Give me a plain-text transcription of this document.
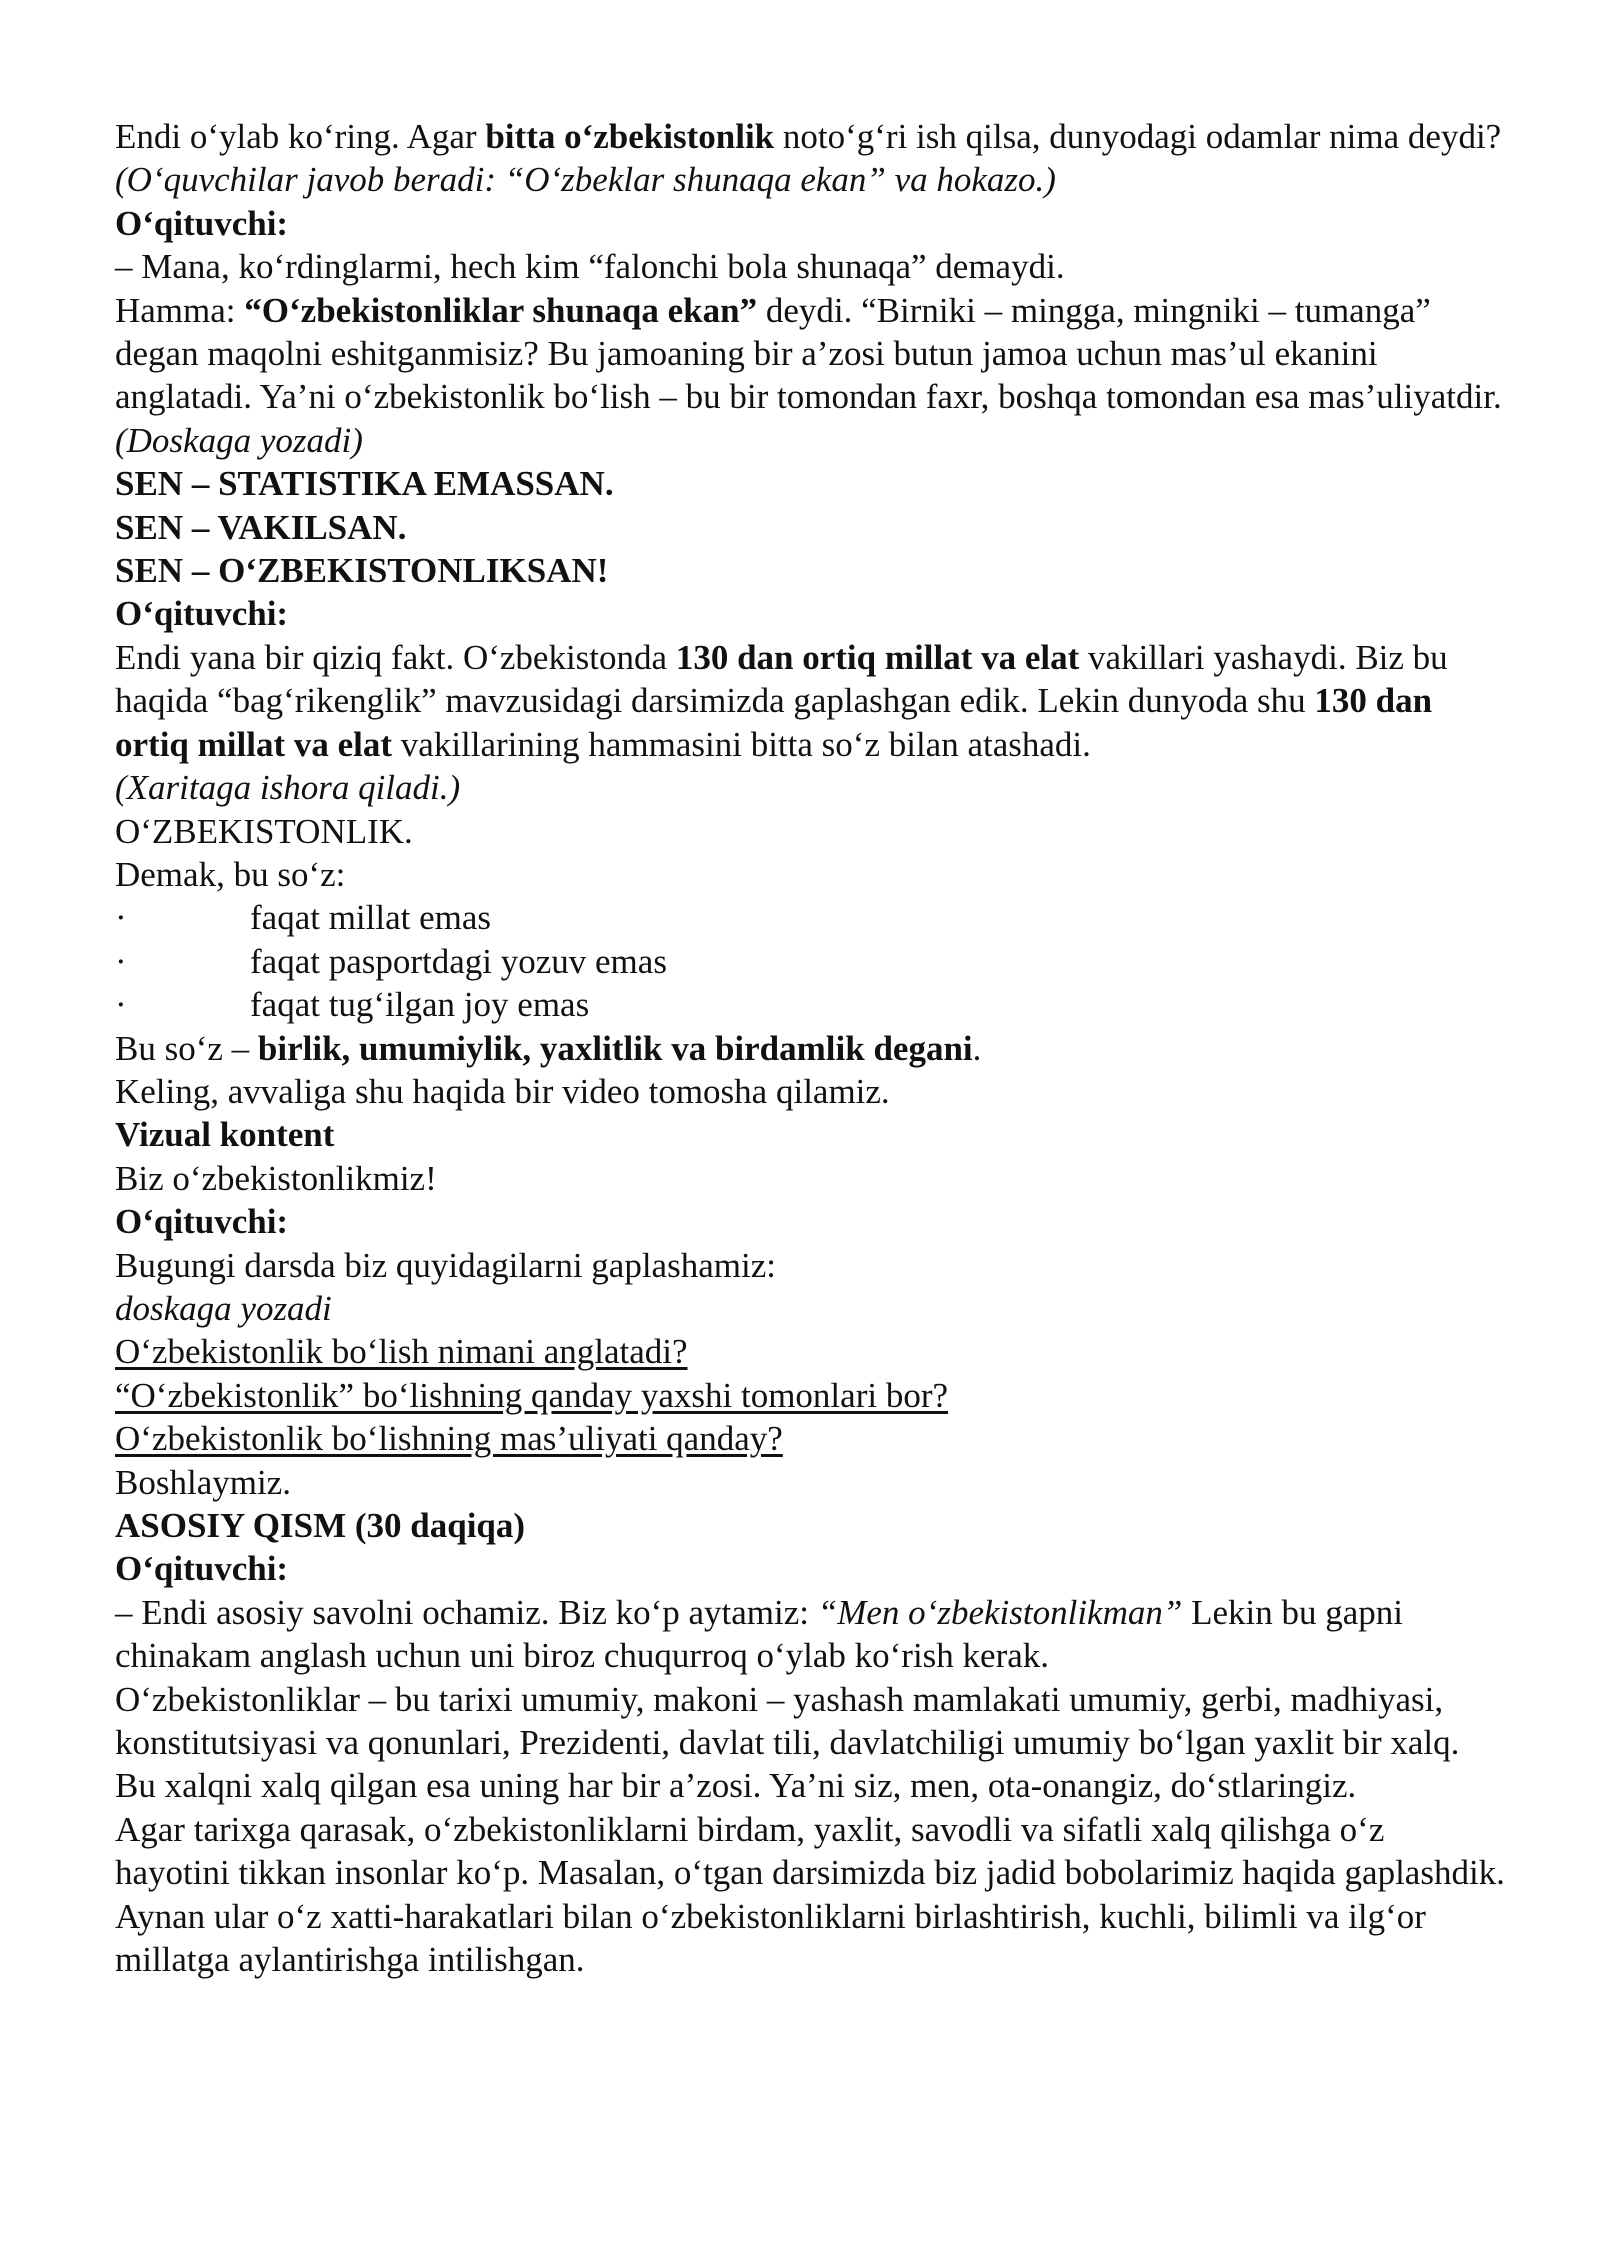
Endi o‘ylab ko‘ring. Agar bitta o‘zbekistonlik noto‘g‘ri ish qilsa, dunyodagi odamlar nima deydi?

(O‘quvchilar javob beradi: “O‘zbeklar shunaqa ekan” va hokazo.)

O‘qituvchi:

– Mana, ko‘rdinglarmi, hech kim “falonchi bola shunaqa” demaydi.

Hamma: “O‘zbekistonliklar shunaqa ekan” deydi. “Birniki – mingga, mingniki – tumanga” degan maqolni eshitganmisiz? Bu jamoaning bir a’zosi butun jamoa uchun mas’ul ekanini anglatadi. Ya’ni o‘zbekistonlik bo‘lish – bu bir tomondan faxr, boshqa tomondan esa mas’uliyatdir.

(Doskaga yozadi)

SEN – STATISTIKA EMASSAN.

SEN – VAKILSAN.

SEN – O‘ZBEKISTONLIKSAN!

O‘qituvchi:

Endi yana bir qiziq fakt. O‘zbekistonda 130 dan ortiq millat va elat vakillari yashaydi. Biz bu haqida “bag‘rikenglik” mavzusidagi darsimizda gaplashgan edik. Lekin dunyoda shu 130 dan ortiq millat va elat vakillarining hammasini bitta so‘z bilan atashadi.

(Xaritaga ishora qiladi.)

O‘ZBEKISTONLIK.

Demak, bu so‘z:

·	faqat millat emas
·	faqat pasportdagi yozuv emas
·	faqat tug‘ilgan joy emas

Bu so‘z – birlik, umumiylik, yaxlitlik va birdamlik degani.

Keling, avvaliga shu haqida bir video tomosha qilamiz.

Vizual kontent

Biz o‘zbekistonlikmiz!

O‘qituvchi:

Bugungi darsda biz quyidagilarni gaplashamiz:

doskaga yozadi

O‘zbekistonlik bo‘lish nimani anglatadi?

“O‘zbekistonlik” bo‘lishning qanday yaxshi tomonlari bor?

O‘zbekistonlik bo‘lishning mas’uliyati qanday?

Boshlaymiz.

ASOSIY QISM (30 daqiqa)

O‘qituvchi:

– Endi asosiy savolni ochamiz. Biz ko‘p aytamiz: “Men o‘zbekistonlikman” Lekin bu gapni chinakam anglash uchun uni biroz chuqurroq o‘ylab ko‘rish kerak.

O‘zbekistonliklar – bu tarixi umumiy, makoni – yashash mamlakati umumiy, gerbi, madhiyasi, konstitutsiyasi va qonunlari, Prezidenti, davlat tili, davlatchiligi umumiy bo‘lgan yaxlit bir xalq. Bu xalqni xalq qilgan esa uning har bir a’zosi. Ya’ni siz, men, ota-onangiz, do‘stlaringiz.

Agar tarixga qarasak, o‘zbekistonliklarni birdam, yaxlit, savodli va sifatli xalq qilishga o‘z hayotini tikkan insonlar ko‘p. Masalan, o‘tgan darsimizda biz jadid bobolarimiz haqida gaplashdik. Aynan ular o‘z xatti-harakatlari bilan o‘zbekistonliklarni birlashtirish, kuchli, bilimli va ilg‘or millatga aylantirishga intilishgan.
